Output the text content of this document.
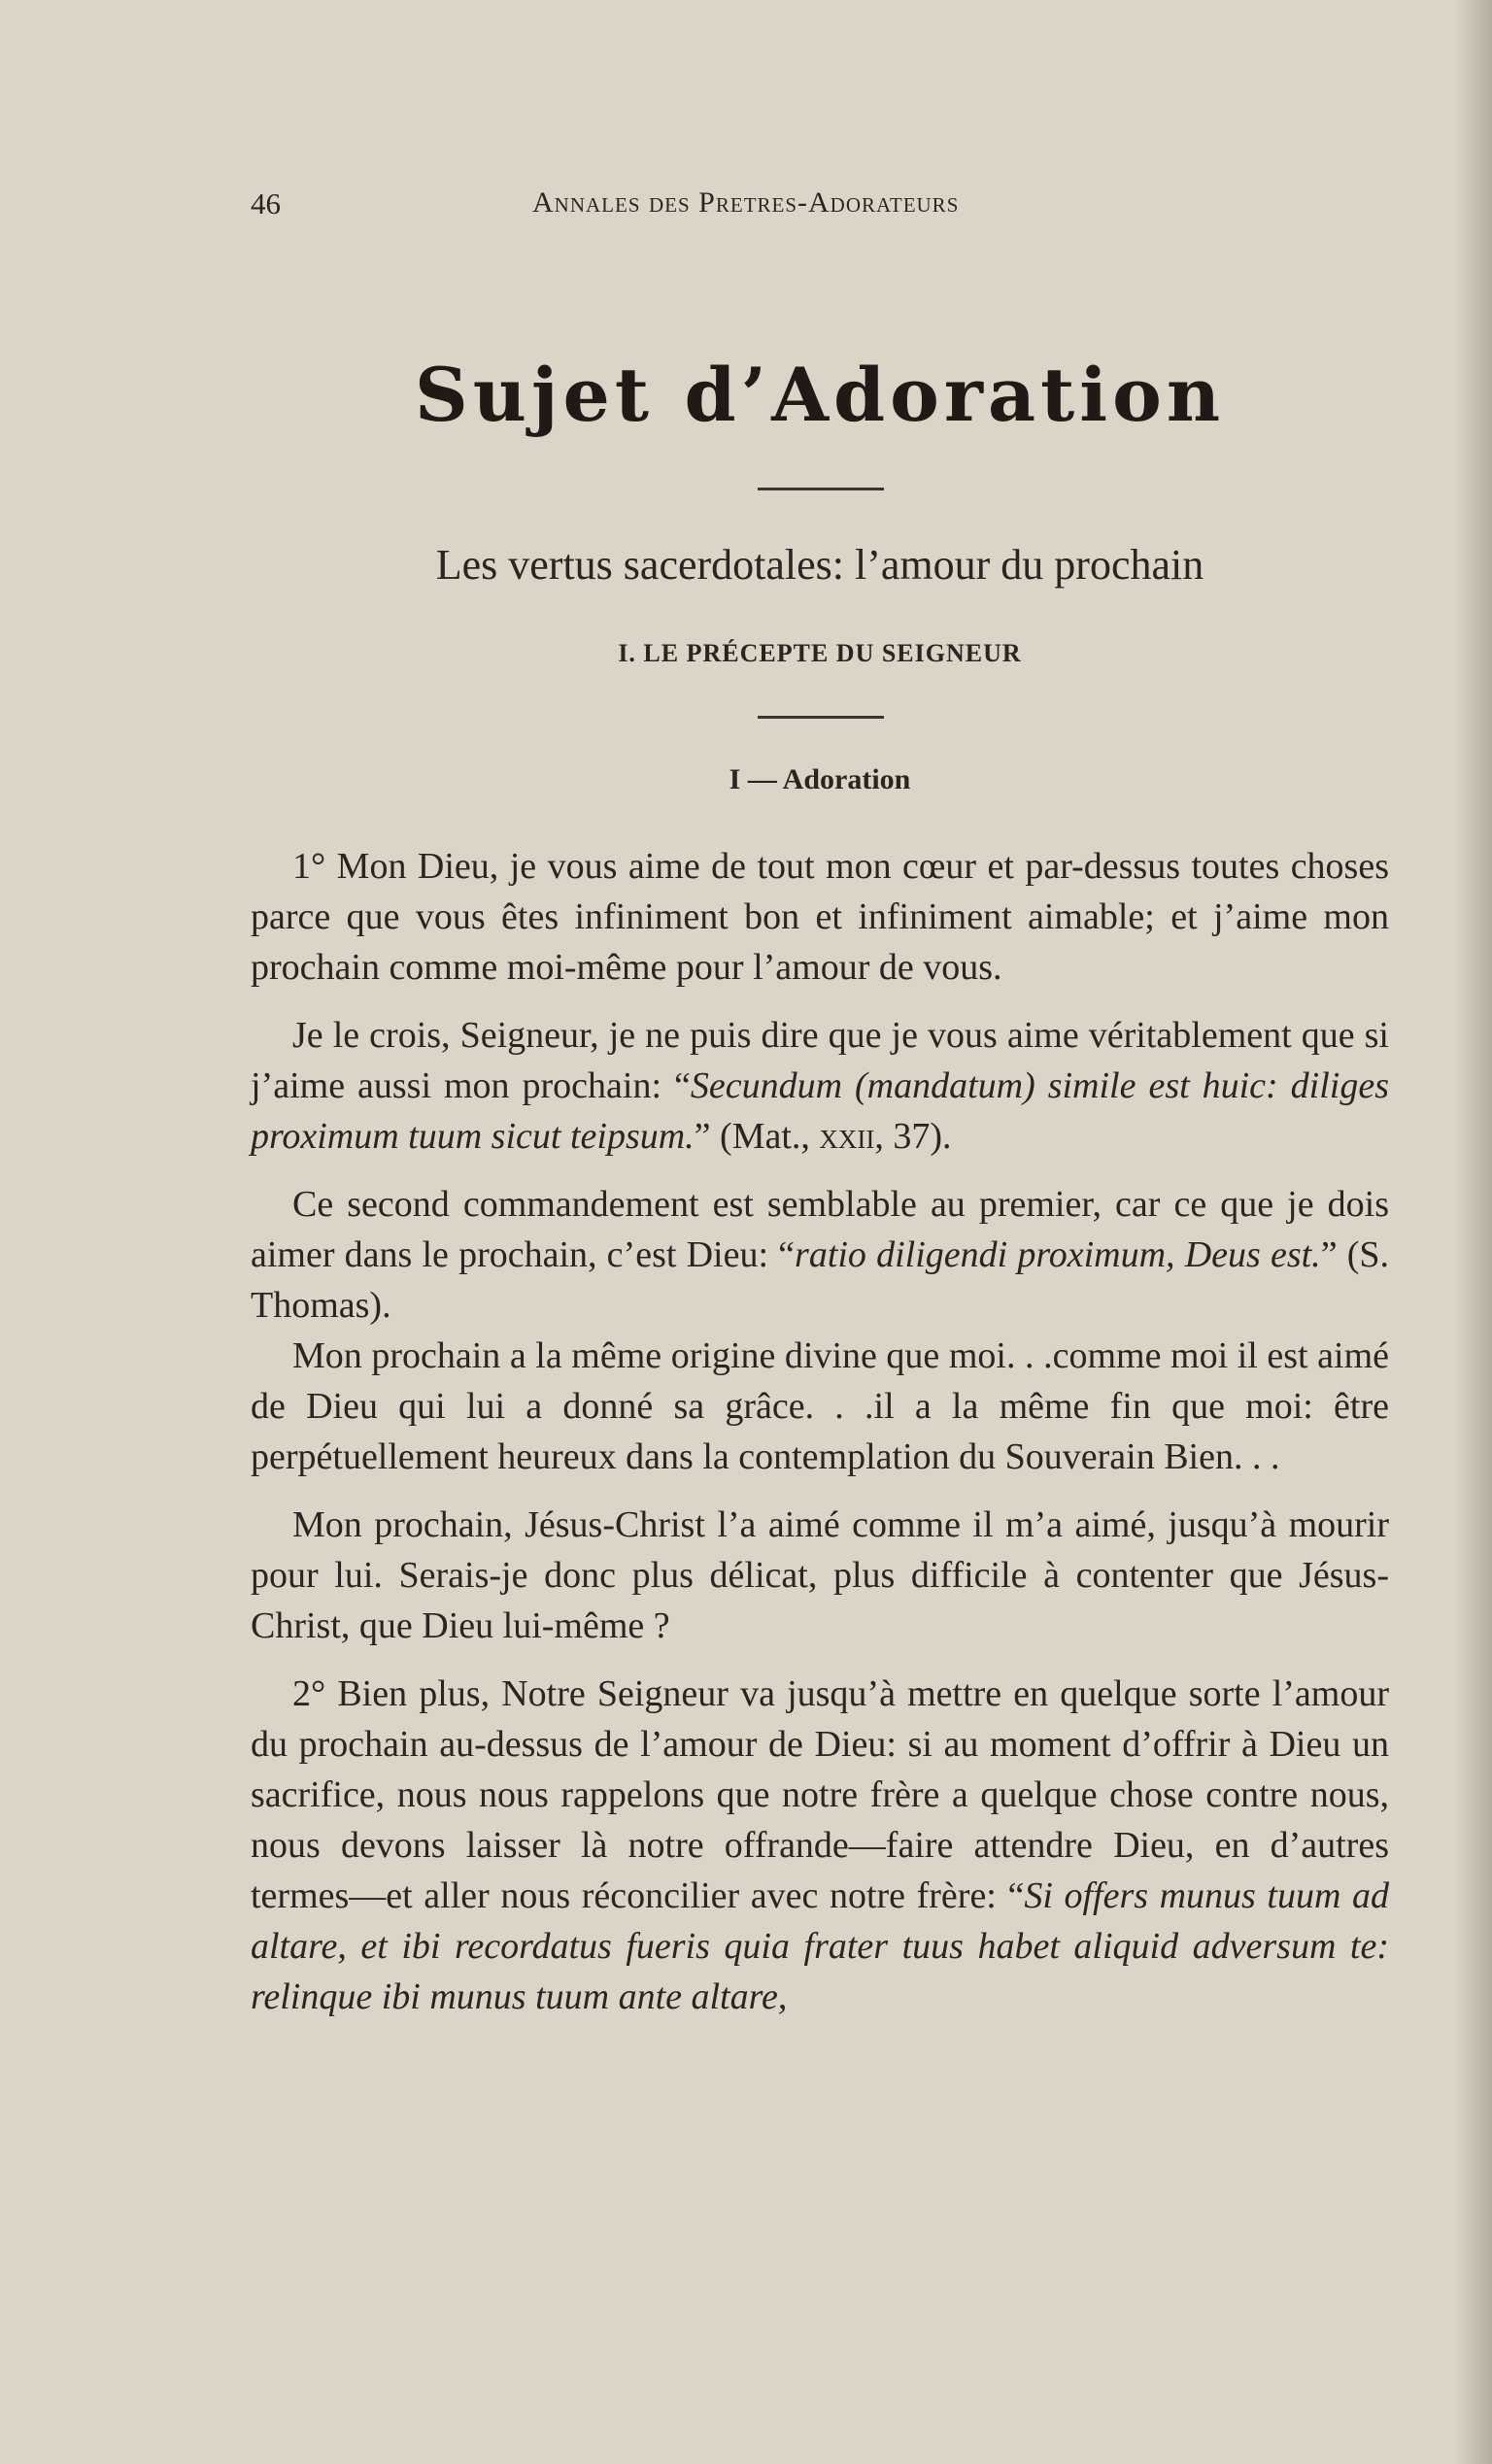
46	Annales des Pretres-Adorateurs
Sujet d’Adoration
Les vertus sacerdotales: l’amour du prochain
I. LE PRÉCEPTE DU SEIGNEUR
I — Adoration

1° Mon Dieu, je vous aime de tout mon cœur et par-dessus toutes choses parce que vous êtes infiniment bon et infiniment aimable; et j’aime mon prochain comme moi-même pour l’amour de vous.

Je le crois, Seigneur, je ne puis dire que je vous aime véritablement que si j’aime aussi mon prochain: “Secundum (mandatum) simile est huic: diliges proximum tuum sicut teipsum.” (Mat., xxii, 37).

Ce second commandement est semblable au premier, car ce que je dois aimer dans le prochain, c’est Dieu: “ratio diligendi proximum, Deus est.” (S. Thomas).

Mon prochain a la même origine divine que moi. . .comme moi il est aimé de Dieu qui lui a donné sa grâce. . .il a la même fin que moi: être perpétuellement heureux dans la contemplation du Souverain Bien. . .

Mon prochain, Jésus-Christ l’a aimé comme il m’a aimé, jusqu’à mourir pour lui. Serais-je donc plus délicat, plus difficile à contenter que Jésus-Christ, que Dieu lui-même ?

2° Bien plus, Notre Seigneur va jusqu’à mettre en quelque sorte l’amour du prochain au-dessus de l’amour de Dieu: si au moment d’offrir à Dieu un sacrifice, nous nous rappelons que notre frère a quelque chose contre nous, nous devons laisser là notre offrande—faire attendre Dieu, en d’autres termes—et aller nous réconcilier avec notre frère: “Si offers munus tuum ad altare, et ibi recordatus fueris quia frater tuus habet aliquid adversum te: relinque ibi munus tuum ante altare,
